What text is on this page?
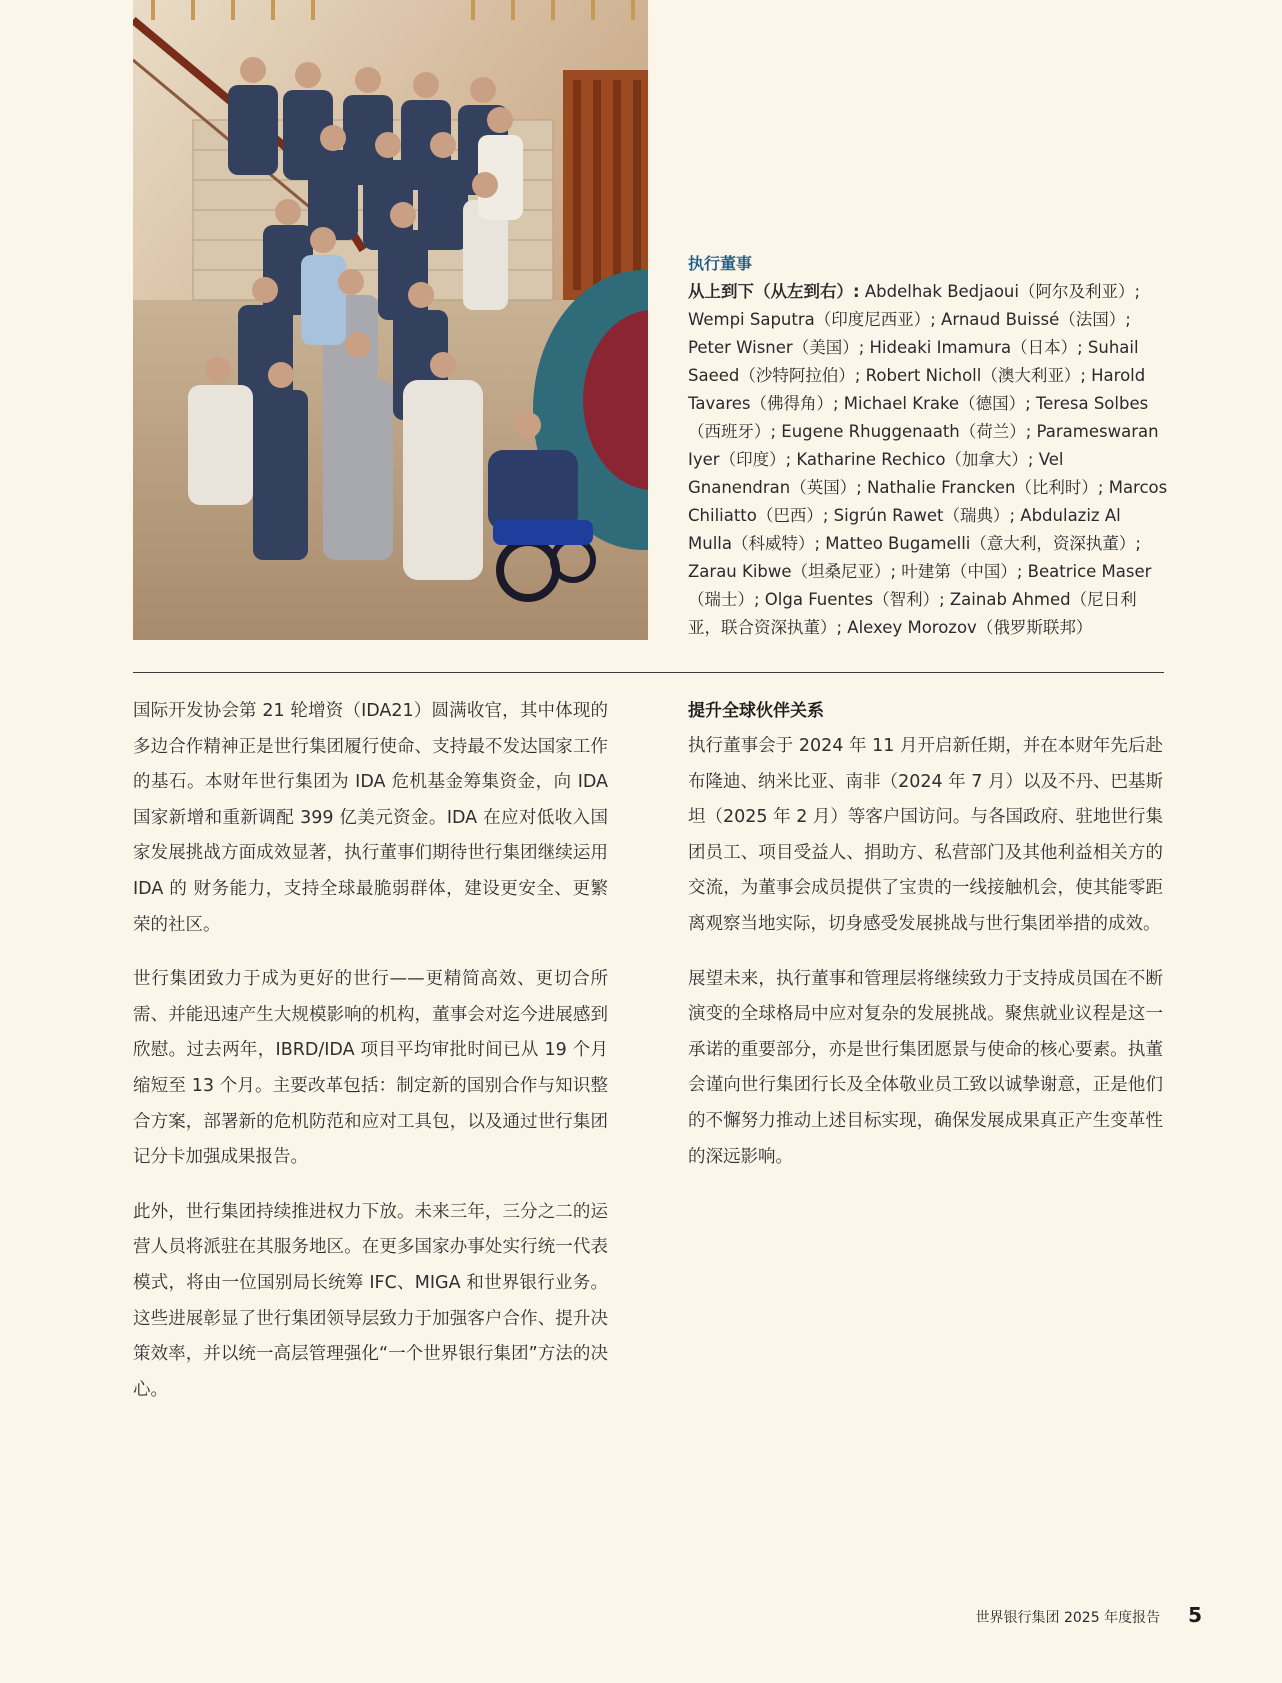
执行董事
从上到下（从左到右）: Abdelhak Bedjaoui（阿尔及利亚）; Wempi Saputra（印度尼西亚）; Arnaud Buissé（法国）; Peter Wisner（美国）; Hideaki Imamura（日本）; Suhail Saeed（沙特阿拉伯）; Robert Nicholl（澳大利亚）; Harold Tavares（佛得角）; Michael Krake（德国）; Teresa Solbes（西班牙）; Eugene Rhuggenaath（荷兰）; Parameswaran Iyer（印度）; Katharine Rechico（加拿大）; Vel Gnanendran（英国）; Nathalie Francken（比利时）; Marcos Chiliatto（巴西）; Sigrún Rawet（瑞典）; Abdulaziz Al Mulla（科威特）; Matteo Bugamelli（意大利，资深执董）; Zarau Kibwe（坦桑尼亚）; 叶建第（中国）; Beatrice Maser（瑞士）; Olga Fuentes（智利）; Zainab Ahmed（尼日利亚，联合资深执董）; Alexey Morozov（俄罗斯联邦）

国际开发协会第 21 轮增资（IDA21）圆满收官，其中体现的多边合作精神正是世行集团履行使命、支持最不发达国家工作的基石。本财年世行集团为 IDA 危机基金筹集资金，向 IDA 国家新增和重新调配 399 亿美元资金。IDA 在应对低收入国家发展挑战方面成效显著，执行董事们期待世行集团继续运用 IDA 的 财务能力，支持全球最脆弱群体，建设更安全、更繁荣的社区。

世行集团致力于成为更好的世行——更精简高效、更切合所需、并能迅速产生大规模影响的机构，董事会对迄今进展感到欣慰。过去两年，IBRD/IDA 项目平均审批时间已从 19 个月缩短至 13 个月。主要改革包括：制定新的国别合作与知识整合方案，部署新的危机防范和应对工具包，以及通过世行集团记分卡加强成果报告。

此外，世行集团持续推进权力下放。未来三年，三分之二的运营人员将派驻在其服务地区。在更多国家办事处实行统一代表模式，将由一位国别局长统筹 IFC、MIGA 和世界银行业务。这些进展彰显了世行集团领导层致力于加强客户合作、提升决策效率，并以统一高层管理强化“一个世界银行集团”方法的决心。

提升全球伙伴关系

执行董事会于 2024 年 11 月开启新任期，并在本财年先后赴布隆迪、纳米比亚、南非（2024 年 7 月）以及不丹、巴基斯坦（2025 年 2 月）等客户国访问。与各国政府、驻地世行集团员工、项目受益人、捐助方、私营部门及其他利益相关方的交流，为董事会成员提供了宝贵的一线接触机会，使其能零距离观察当地实际，切身感受发展挑战与世行集团举措的成效。

展望未来，执行董事和管理层将继续致力于支持成员国在不断演变的全球格局中应对复杂的发展挑战。聚焦就业议程是这一承诺的重要部分，亦是世行集团愿景与使命的核心要素。执董会谨向世行集团行长及全体敬业员工致以诚挚谢意，正是他们的不懈努力推动上述目标实现，确保发展成果真正产生变革性的深远影响。

世界银行集团 2025 年度报告 5
